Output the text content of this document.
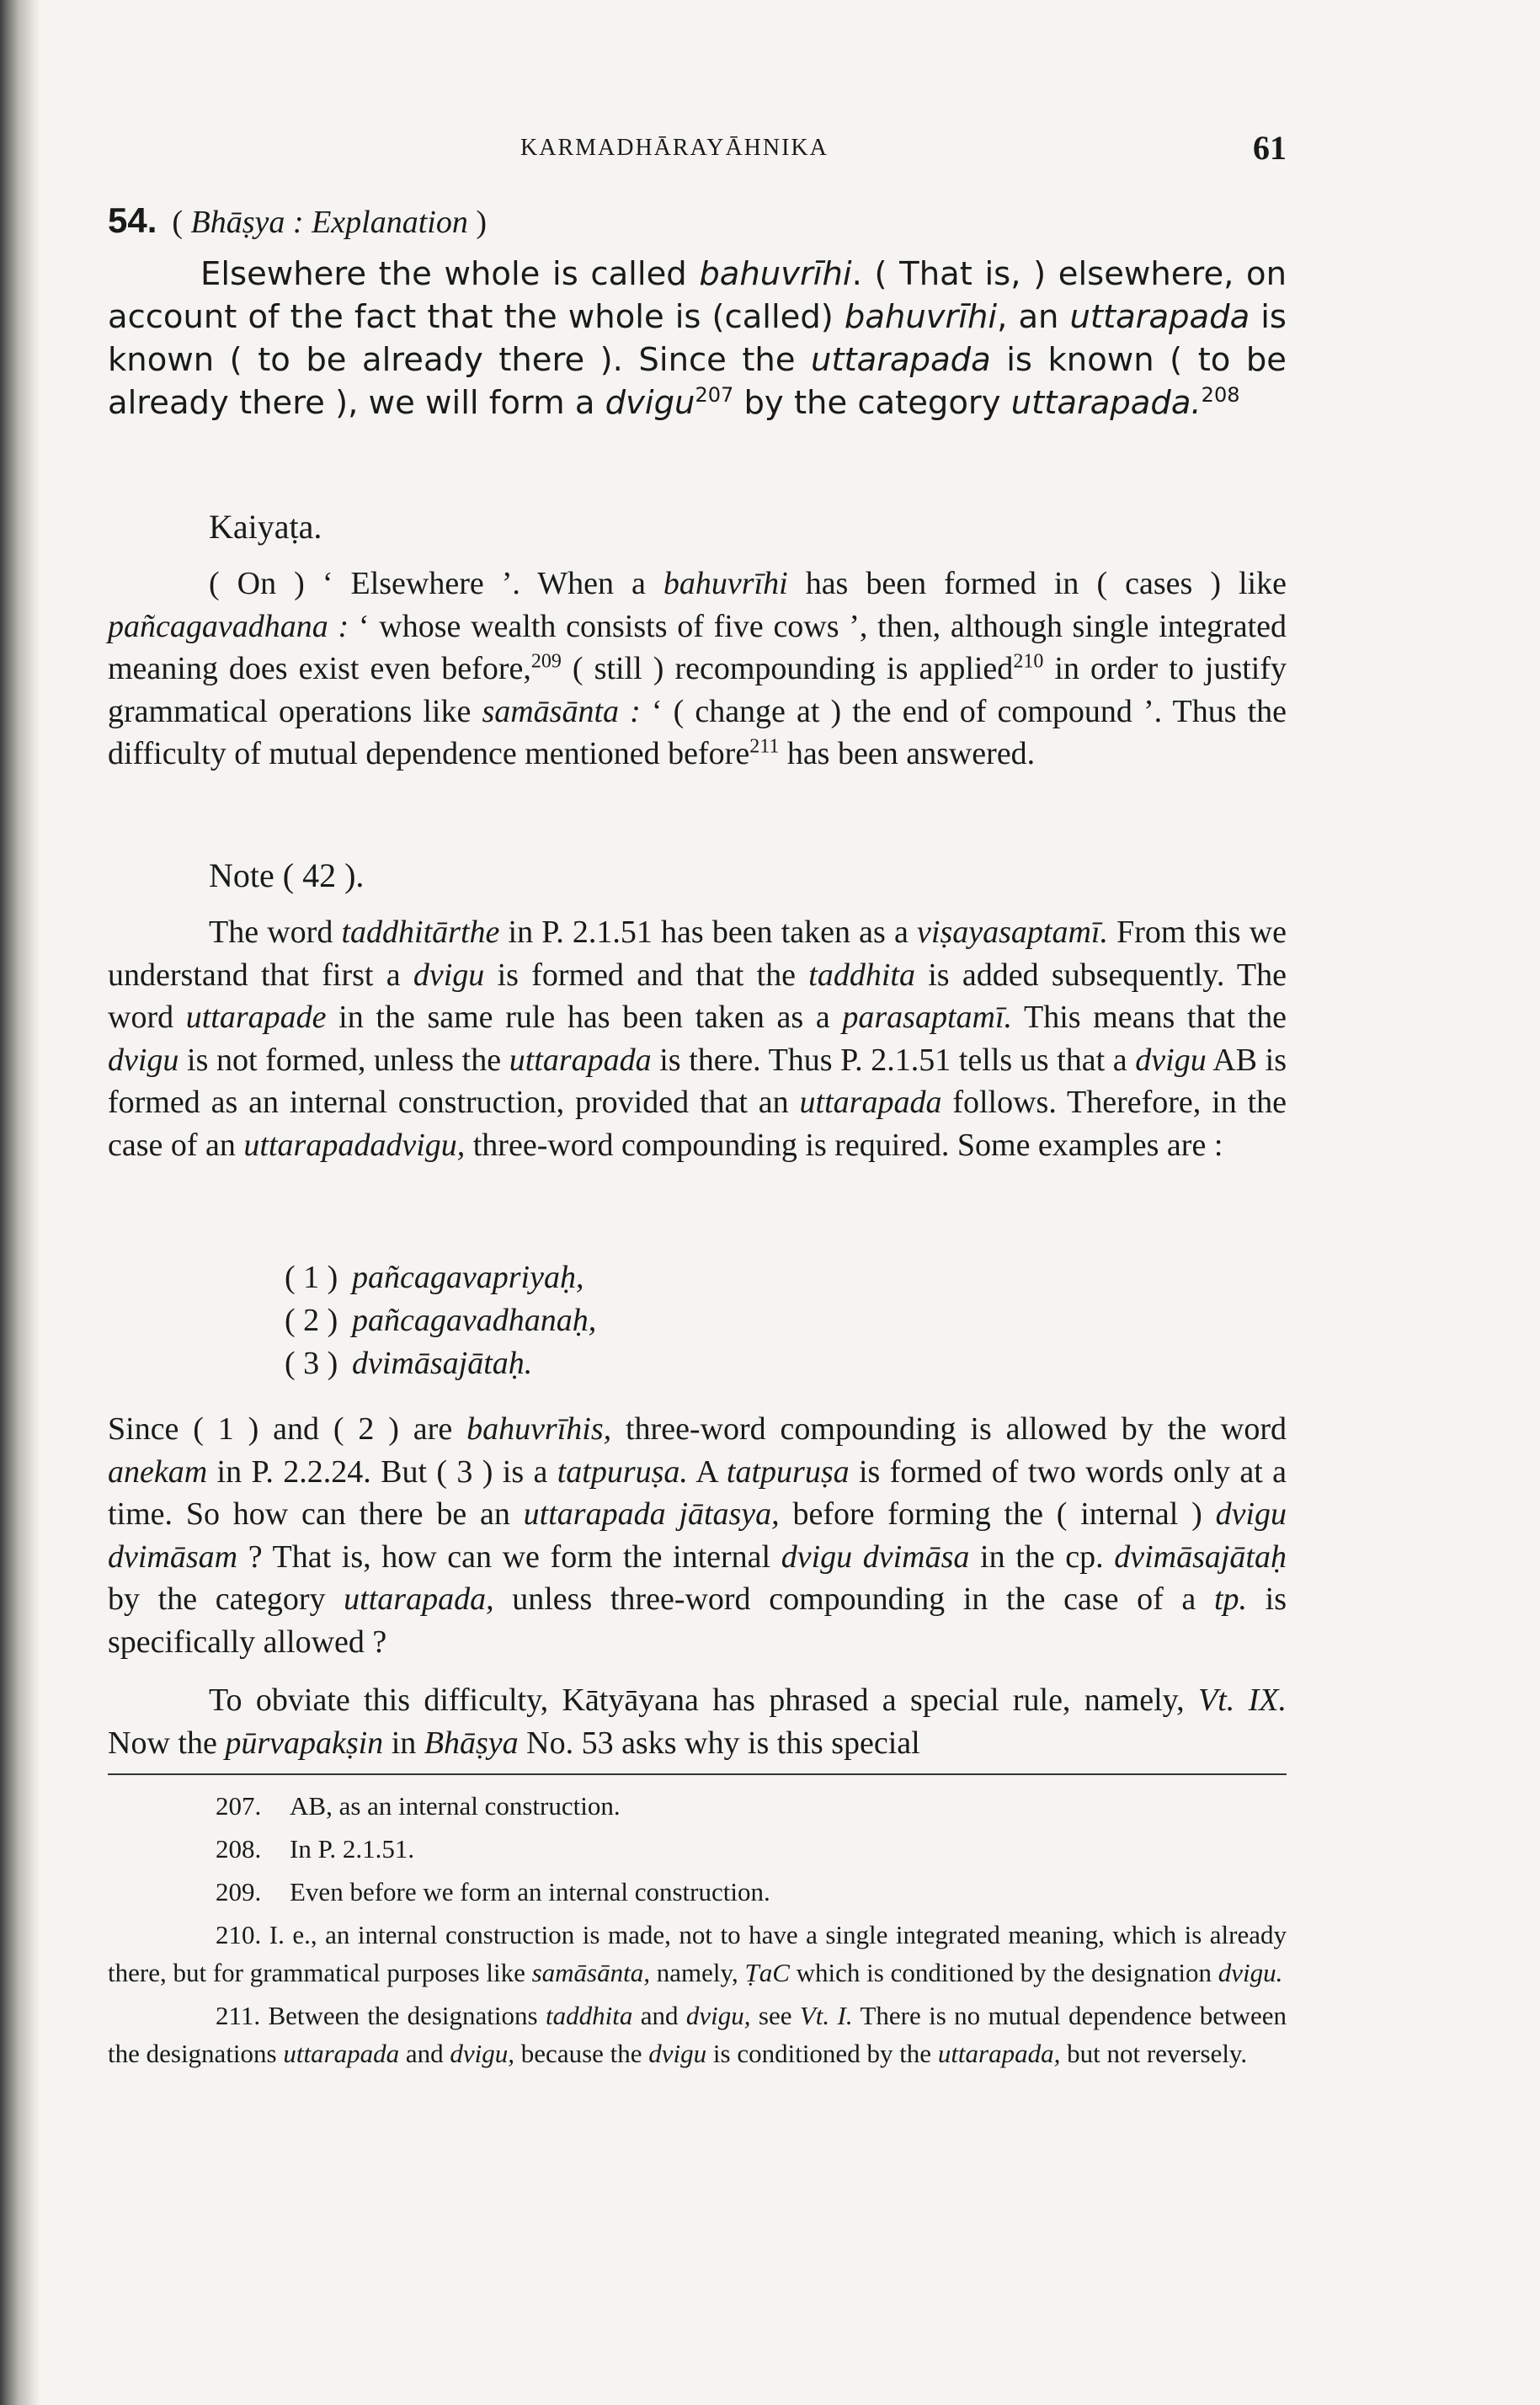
KARMADHĀRAYĀHNIKA	61
54. ( Bhāṣya : Explanation )
Elsewhere the whole is called bahuvrīhi. ( That is, ) elsewhere, on account of the fact that the whole is (called) bahuvrīhi, an uttarapada is known ( to be already there ). Since the uttarapada is known ( to be already there ), we will form a dvigu$^{207}$ by the category uttarapada.$^{208}$
Kaiyaṭa.
( On ) ‘ Elsewhere ’. When a bahuvrīhi has been formed in ( cases ) like pañcagavadhana : ‘ whose wealth consists of five cows ’, then, although single integrated meaning does exist even before,$^{209}$ ( still ) recompounding is applied$^{210}$ in order to justify grammatical operations like samāsānta : ‘ ( change at ) the end of compound ’. Thus the difficulty of mutual dependence mentioned before$^{211}$ has been answered.
Note ( 42 ).
The word taddhitārthe in P. 2.1.51 has been taken as a viṣayasaptamī. From this we understand that first a dvigu is formed and that the taddhita is added subsequently. The word uttarapade in the same rule has been taken as a parasaptamī. This means that the dvigu is not formed, unless the uttarapada is there. Thus P. 2.1.51 tells us that a dvigu AB is formed as an internal construction, provided that an uttarapada follows. Therefore, in the case of an uttarapadadvigu, three-word compounding is required. Some examples are :
( 1 ) pañcagavapriyaḥ,
( 2 ) pañcagavadhanaḥ,
( 3 ) dvimāsajātaḥ.
Since ( 1 ) and ( 2 ) are bahuvrīhis, three-word compounding is allowed by the word anekam in P. 2.2.24. But ( 3 ) is a tatpuruṣa. A tatpuruṣa is formed of two words only at a time. So how can there be an uttarapada jātasya, before forming the ( internal ) dvigu dvimāsam ? That is, how can we form the internal dvigu dvimāsa in the cp. dvimāsajātaḥ by the category uttarapada, unless three-word compounding in the case of a tp. is specifically allowed ?
To obviate this difficulty, Kātyāyana has phrased a special rule, namely, Vt. IX. Now the pūrvapakṣin in Bhāṣya No. 53 asks why is this special
207. AB, as an internal construction.
208. In P. 2.1.51.
209. Even before we form an internal construction.
210. I. e., an internal construction is made, not to have a single integrated meaning, which is already there, but for grammatical purposes like samāsānta, namely, ṬaC which is conditioned by the designation dvigu.
211. Between the designations taddhita and dvigu, see Vt. I. There is no mutual dependence between the designations uttarapada and dvigu, because the dvigu is conditioned by the uttarapada, but not reversely.
